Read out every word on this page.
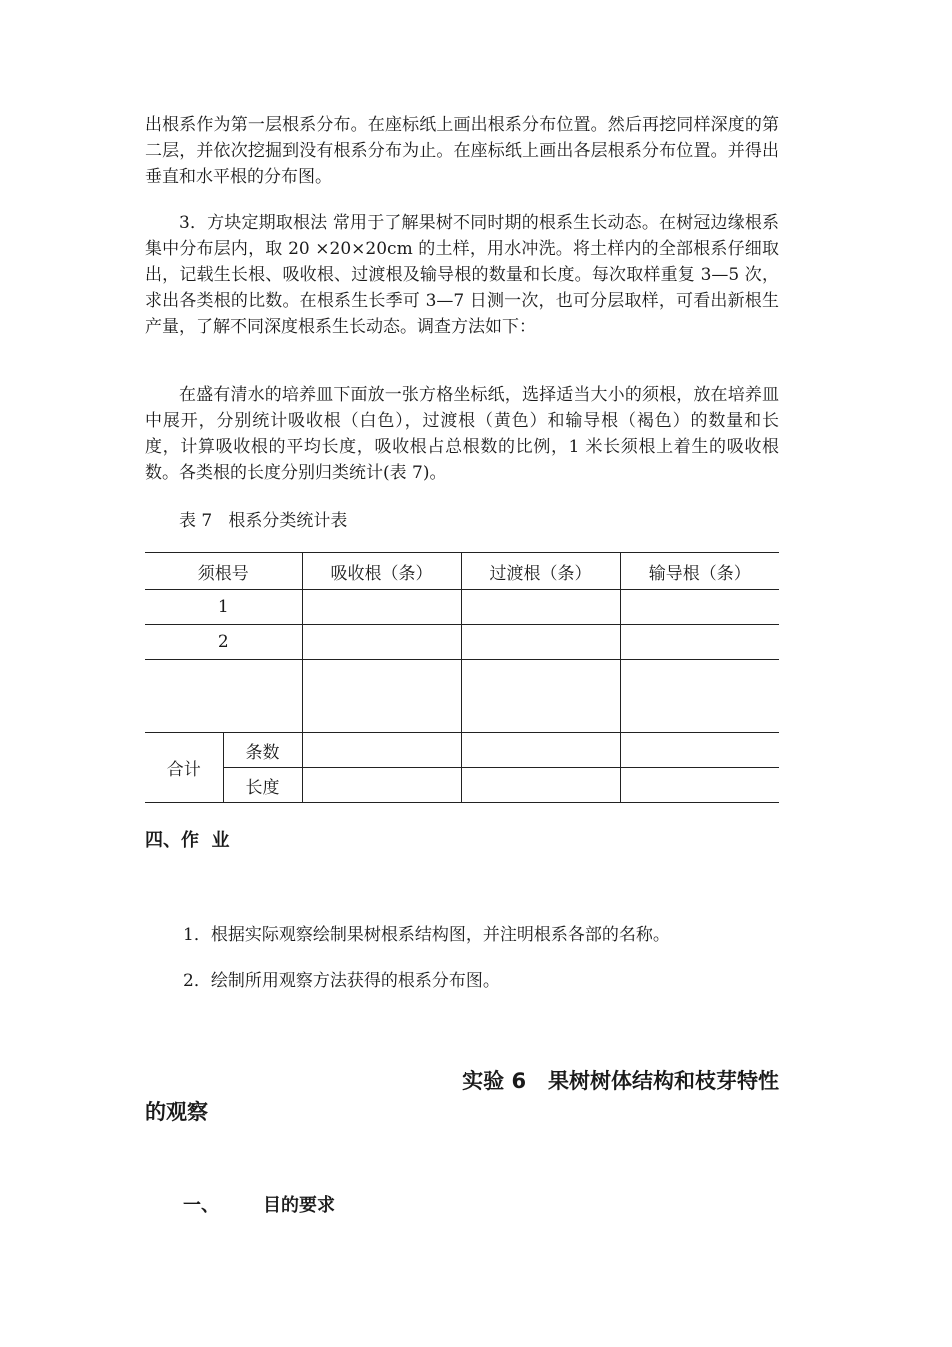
出根系作为第一层根系分布。在座标纸上画出根系分布位置。然后再挖同样深度的第二层，并依次挖掘到没有根系分布为止。在座标纸上画出各层根系分布位置。并得出垂直和水平根的分布图。

3．方块定期取根法 常用于了解果树不同时期的根系生长动态。在树冠边缘根系集中分布层内，取 20 ×20×20cm 的土样，用水冲洗。将土样内的全部根系仔细取出，记载生长根、吸收根、过渡根及输导根的数量和长度。每次取样重复 3—5 次，求出各类根的比数。在根系生长季可 3—7 日测一次，也可分层取样，可看出新根生产量，了解不同深度根系生长动态。调查方法如下：

在盛有清水的培养皿下面放一张方格坐标纸，选择适当大小的须根，放在培养皿中展开，分别统计吸收根（白色），过渡根（黄色）和输导根（褐色）的数量和长度，计算吸收根的平均长度，吸收根占总根数的比例，1 米长须根上着生的吸收根数。各类根的长度分别归类统计(表 7)。

表 7   根系分类统计表
须根号		吸收根（条）	过渡根（条）	输导根（条）
1				
2				

合计	条数			
	长度			
四、作  业
1．根据实际观察绘制果树根系结构图，并注明根系各部的名称。
2．绘制所用观察方法获得的根系分布图。
实验 6   果树树体结构和枝芽特性
的观察
一、 目的要求
